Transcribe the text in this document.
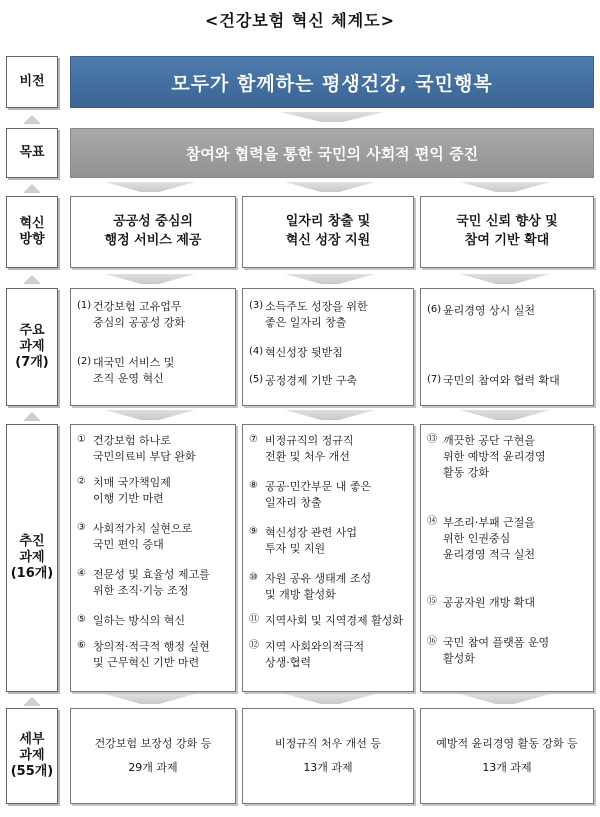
<건강보험 혁신 체계도>
비전
목표
혁신
방향
주요
과제
(7개)
추진
과제
(16개)
세부
과제
(55개)
모두가 함께하는 평생건강, 국민행복
참여와 협력을 통한 국민의 사회적 편익 증진
공공성 중심의
행정 서비스 제공
일자리 창출 및
혁신 성장 지원
국민 신뢰 향상 및
참여 기반 확대
(1) 건강보험 고유업무
중심의 공공성 강화
(2) 대국민 서비스 및
조직 운영 혁신
(3) 소득주도 성장을 위한
좋은 일자리 창출
(4) 혁신성장 뒷받침
(5) 공정경제 기반 구축
(6) 윤리경영 상시 실천
(7) 국민의 참여와 협력 확대
① 건강보험 하나로
국민의료비 부담 완화
② 치매 국가책임제
이행 기반 마련
③ 사회적가치 실현으로
국민 편익 증대
④ 전문성 및 효율성 제고를
위한 조직·기능 조정
⑤ 일하는 방식의 혁신
⑥ 창의적·적극적 행정 실현
및 근무혁신 기반 마련
⑦ 비정규직의 정규직
전환 및 처우 개선
⑧ 공공·민간부문 내 좋은
일자리 창출
⑨ 혁신성장 관련 사업
투자 및 지원
⑩ 자원 공유 생태계 조성
및 개방 활성화
⑪ 지역사회 및 지역경제 활성화
⑫ 지역 사회와의적극적
상생·협력
⑬ 깨끗한 공단 구현을
위한 예방적 윤리경영
활동 강화
⑭ 부조리·부패 근절을
위한 인권중심
윤리경영 적극 실천
⑮ 공공자원 개방 확대
⑯ 국민 참여 플랫폼 운영
활성화
건강보험 보장성 강화 등
29개 과제
비정규직 처우 개선 등
13개 과제
예방적 윤리경영 활동 강화 등
13개 과제
